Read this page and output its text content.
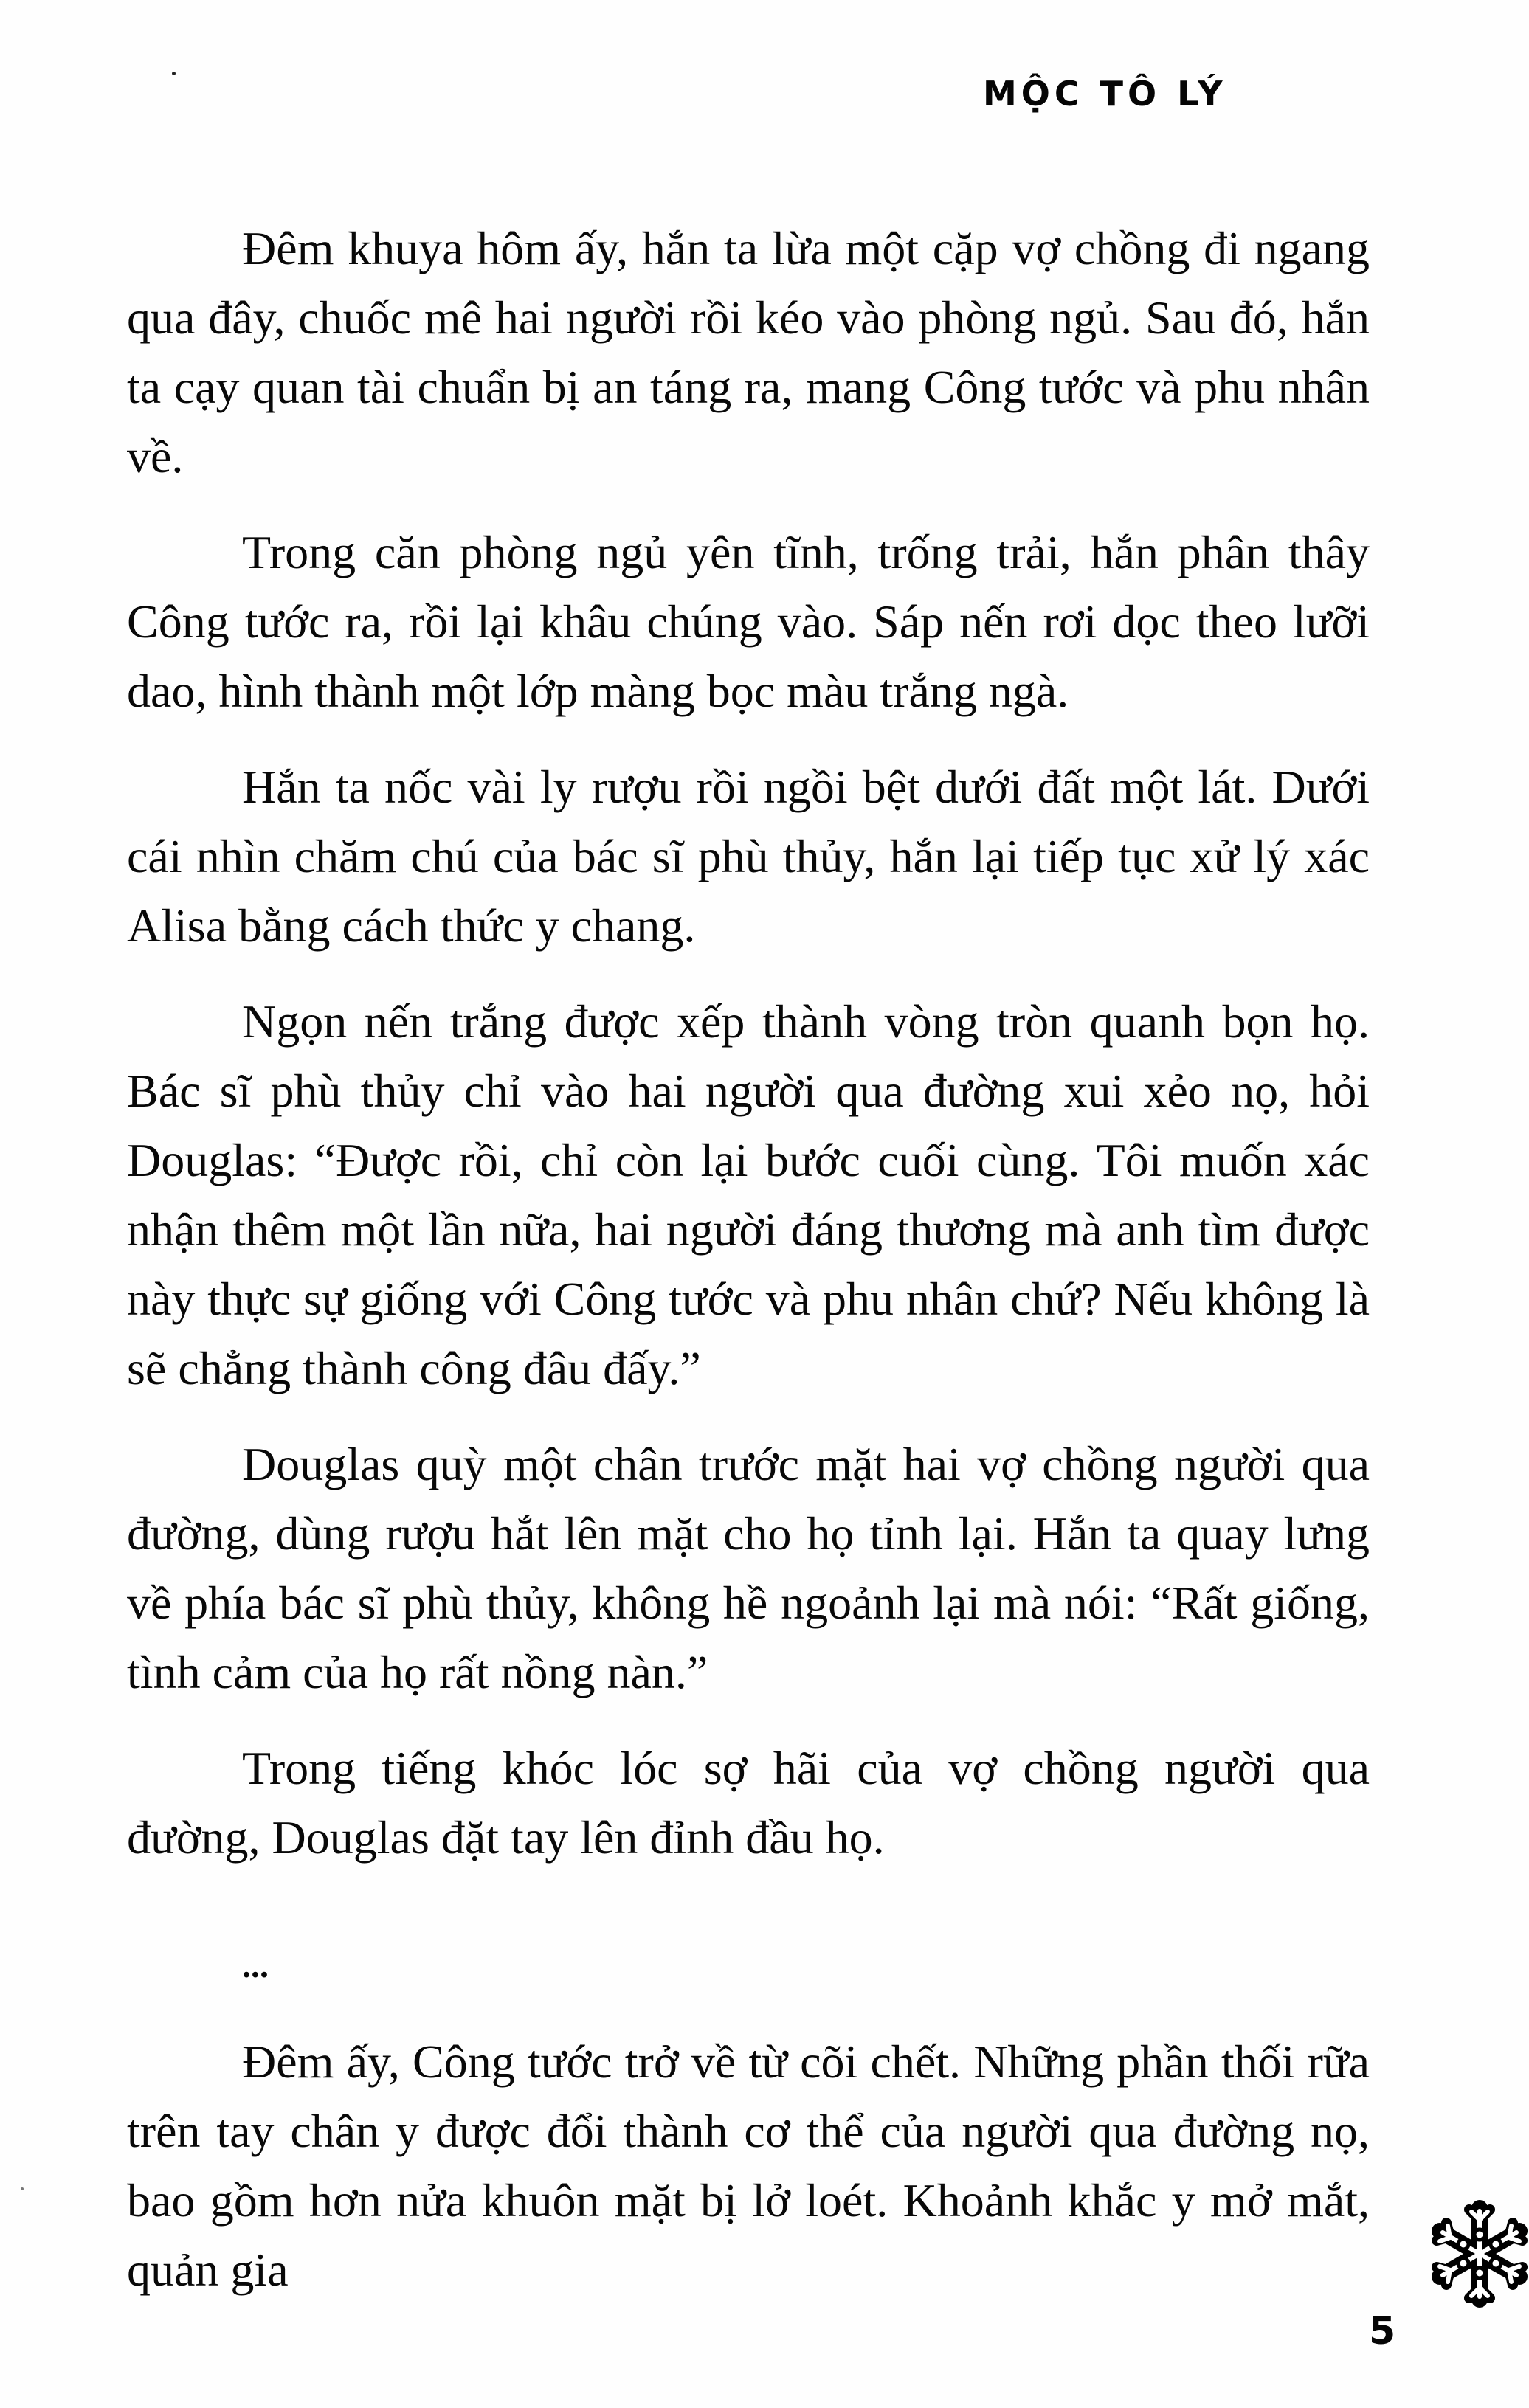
MỘC TÔ LÝ

Đêm khuya hôm ấy, hắn ta lừa một cặp vợ chồng đi ngang qua đây, chuốc mê hai người rồi kéo vào phòng ngủ. Sau đó, hắn ta cạy quan tài chuẩn bị an táng ra, mang Công tước và phu nhân về.

Trong căn phòng ngủ yên tĩnh, trống trải, hắn phân thây Công tước ra, rồi lại khâu chúng vào. Sáp nến rơi dọc theo lưỡi dao, hình thành một lớp màng bọc màu trắng ngà.

Hắn ta nốc vài ly rượu rồi ngồi bệt dưới đất một lát. Dưới cái nhìn chăm chú của bác sĩ phù thủy, hắn lại tiếp tục xử lý xác Alisa bằng cách thức y chang.

Ngọn nến trắng được xếp thành vòng tròn quanh bọn họ. Bác sĩ phù thủy chỉ vào hai người qua đường xui xẻo nọ, hỏi Douglas: “Được rồi, chỉ còn lại bước cuối cùng. Tôi muốn xác nhận thêm một lần nữa, hai người đáng thương mà anh tìm được này thực sự giống với Công tước và phu nhân chứ? Nếu không là sẽ chẳng thành công đâu đấy.”

Douglas quỳ một chân trước mặt hai vợ chồng người qua đường, dùng rượu hắt lên mặt cho họ tỉnh lại. Hắn ta quay lưng về phía bác sĩ phù thủy, không hề ngoảnh lại mà nói: “Rất giống, tình cảm của họ rất nồng nàn.”

Trong tiếng khóc lóc sợ hãi của vợ chồng người qua đường, Douglas đặt tay lên đỉnh đầu họ.

...

Đêm ấy, Công tước trở về từ cõi chết. Những phần thối rữa trên tay chân y được đổi thành cơ thể của người qua đường nọ, bao gồm hơn nửa khuôn mặt bị lở loét. Khoảnh khắc y mở mắt, quản gia

5
